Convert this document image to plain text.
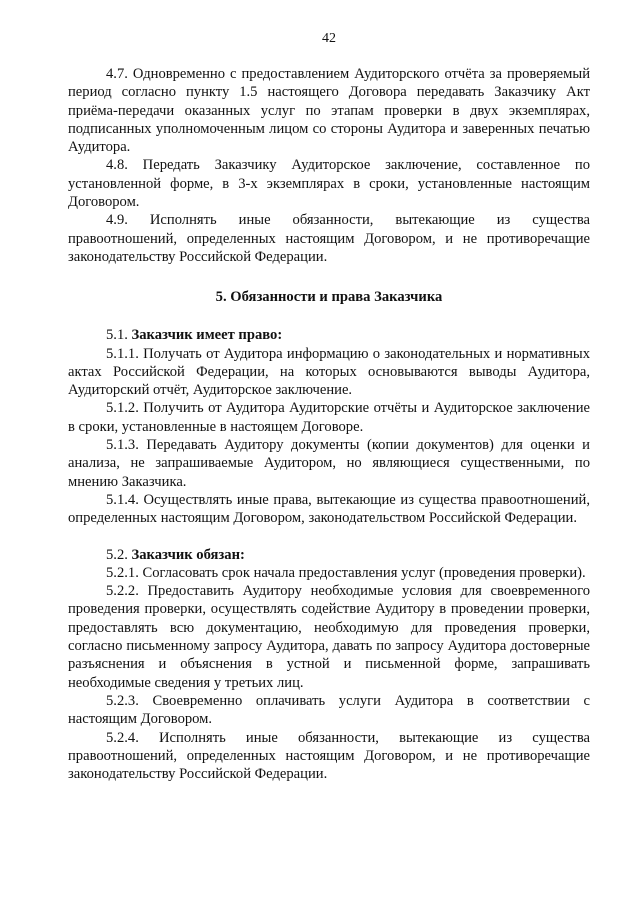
42

4.7. Одновременно с предоставлением Аудиторского отчёта за проверяемый период согласно пункту 1.5 настоящего Договора передавать Заказчику Акт приёма-передачи оказанных услуг по этапам проверки в двух экземплярах, подписанных уполномоченным лицом со стороны Аудитора и заверенных печатью Аудитора.

4.8. Передать Заказчику Аудиторское заключение, составленное по установленной форме, в 3-х экземплярах в сроки, установленные настоящим Договором.

4.9. Исполнять иные обязанности, вытекающие из существа правоотношений, определенных настоящим Договором, и не противоречащие законодательству Российской Федерации.

5. Обязанности и права Заказчика

5.1. Заказчик имеет право:

5.1.1. Получать от Аудитора информацию о законодательных и нормативных актах Российской Федерации, на которых основываются выводы Аудитора, Аудиторский отчёт, Аудиторское заключение.

5.1.2. Получить от Аудитора Аудиторские отчёты и Аудиторское заключение в сроки, установленные в настоящем Договоре.

5.1.3. Передавать Аудитору документы (копии документов) для оценки и анализа, не запрашиваемые Аудитором, но являющиеся существенными, по мнению Заказчика.

5.1.4. Осуществлять иные права, вытекающие из существа правоотношений, определенных настоящим Договором, законодательством Российской Федерации.

5.2. Заказчик обязан:

5.2.1. Согласовать срок начала предоставления услуг (проведения проверки).

5.2.2. Предоставить Аудитору необходимые условия для своевременного проведения проверки, осуществлять содействие Аудитору в проведении проверки, предоставлять всю документацию, необходимую для проведения проверки, согласно письменному запросу Аудитора, давать по запросу Аудитора достоверные разъяснения и объяснения в устной и письменной форме, запрашивать необходимые сведения у третьих лиц.

5.2.3. Своевременно оплачивать услуги Аудитора в соответствии с настоящим Договором.

5.2.4. Исполнять иные обязанности, вытекающие из существа правоотношений, определенных настоящим Договором, и не противоречащие законодательству Российской Федерации.
